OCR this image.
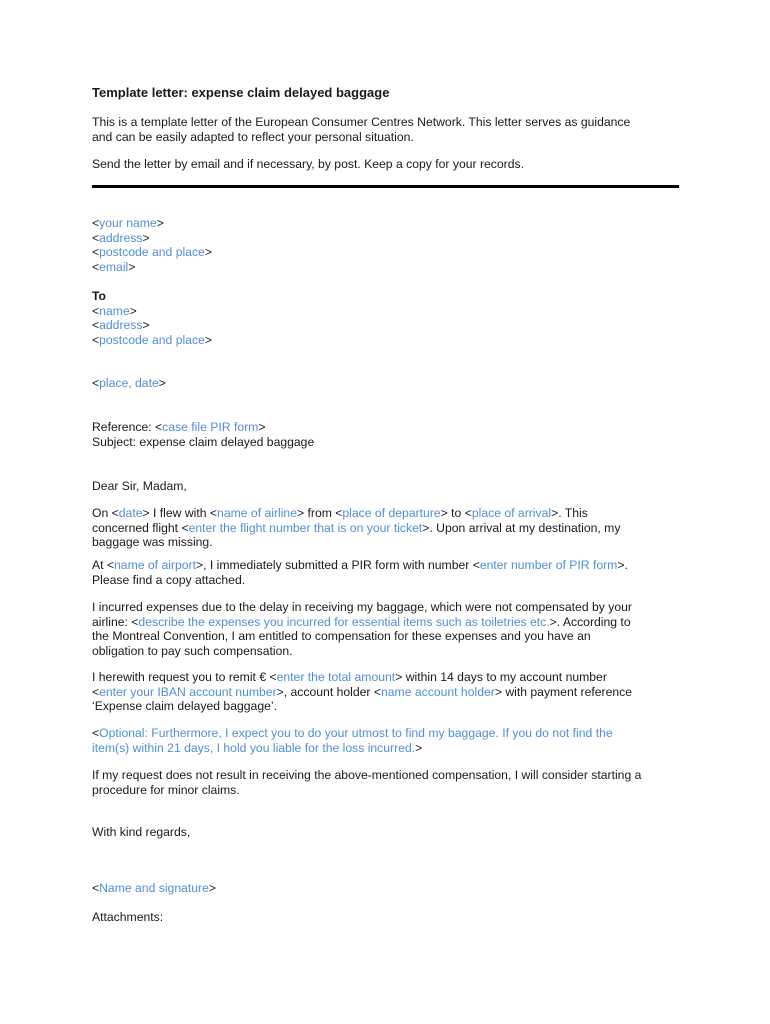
Template letter: expense claim delayed baggage

This is a template letter of the European Consumer Centres Network. This letter serves as guidance

and can be easily adapted to reflect your personal situation.

Send the letter by email and if necessary, by post. Keep a copy for your records.

<your name>

<address>

<postcode and place>

<email>

To

<name>

<address>

<postcode and place>

<place, date>

Reference: <case file PIR form>

Subject: expense claim delayed baggage

Dear Sir, Madam,

On <date> I flew with <name of airline> from <place of departure> to <place of arrival>. This

concerned flight <enter the flight number that is on your ticket>. Upon arrival at my destination, my

baggage was missing.

At <name of airport>, I immediately submitted a PIR form with number <enter number of PIR form>.

Please find a copy attached.

I incurred expenses due to the delay in receiving my baggage, which were not compensated by your

airline: <describe the expenses you incurred for essential items such as toiletries etc.>. According to

the Montreal Convention, I am entitled to compensation for these expenses and you have an

obligation to pay such compensation.

I herewith request you to remit € <enter the total amount> within 14 days to my account number

<enter your IBAN account number>, account holder <name account holder> with payment reference

‘Expense claim delayed baggage’.

<Optional: Furthermore, I expect you to do your utmost to find my baggage. If you do not find the

item(s) within 21 days, I hold you liable for the loss incurred.>

If my request does not result in receiving the above-mentioned compensation, I will consider starting a

procedure for minor claims.

With kind regards,
<Name and signature>
Attachments:
